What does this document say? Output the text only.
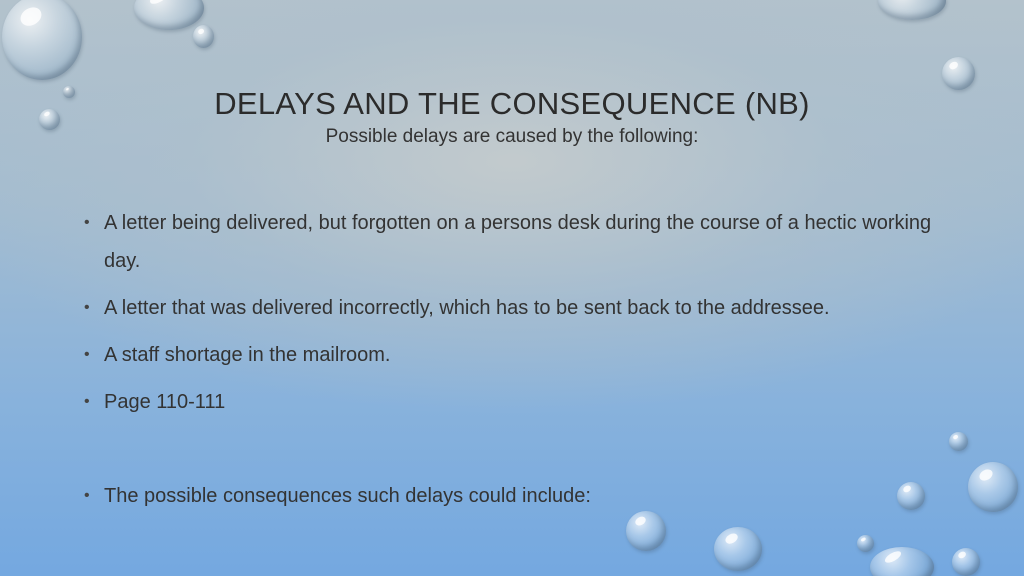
DELAYS AND THE CONSEQUENCE (NB)
Possible delays are caused by the following:
• A letter being delivered, but forgotten on a persons desk during the course of a hectic working day.
• A letter that was delivered incorrectly, which has to be sent back to the addressee.
• A staff shortage in the mailroom.
• Page 110-111
• The possible consequences such delays could include:
